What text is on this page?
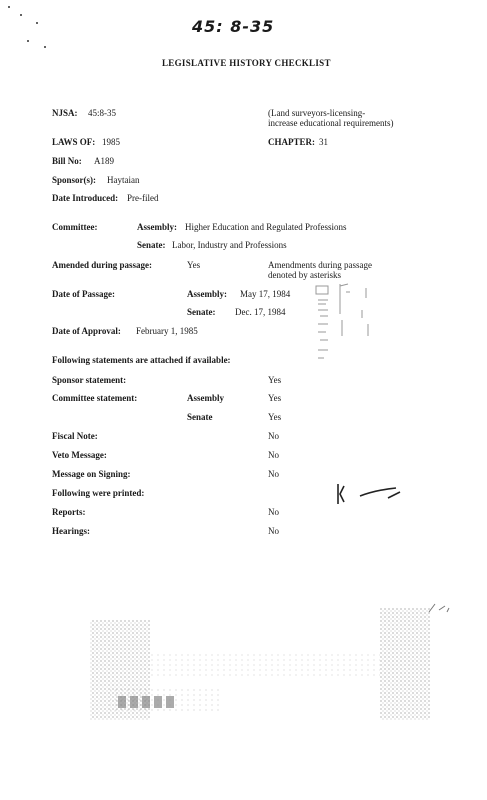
45: 8-35
LEGISLATIVE HISTORY CHECKLIST
NJSA: 45:8-35	(Land surveyors-licensing-
increase educational requirements)
LAWS OF: 1985	CHAPTER: 31
Bill No: A189
Sponsor(s): Haytaian
Date Introduced: Pre-filed
Committee:	Assembly: Higher Education and Regulated Professions
Senate: Labor, Industry and Professions
Amended during passage:	Yes	Amendments during passage
denoted by asterisks
Date of Passage:	Assembly: May 17, 1984
Senate: Dec. 17, 1984
Date of Approval: February 1, 1985
Following statements are attached if available:
Sponsor statement:	Yes
Committee statement:	Assembly	Yes
Senate	Yes
Fiscal Note:	No
Veto Message:	No
Message on Signing:	No
Following were printed:
Reports:	No
Hearings:	No
